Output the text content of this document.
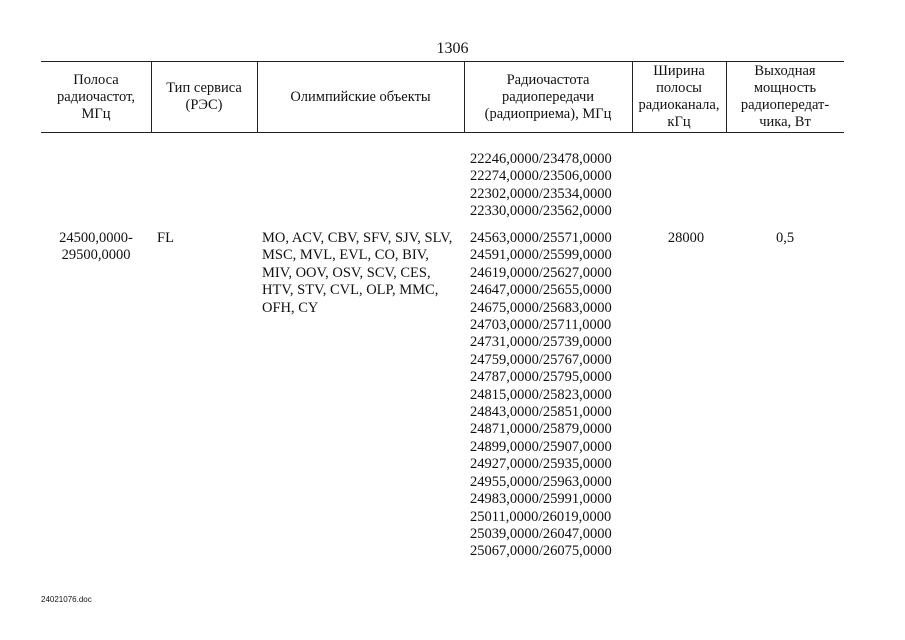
1306
Полоса
радиочастот,
МГц
Тип сервиса
(РЭС)
Олимпийские объекты
Радиочастота
радиопередачи
(радиоприема), МГц
Ширина
полосы
радиоканала,
кГц
Выходная
мощность
радиопередат-
чика, Вт
22246,0000/23478,0000
22274,0000/23506,0000
22302,0000/23534,0000
22330,0000/23562,0000
24500,0000-
29500,0000
FL	MO, ACV, CBV, SFV, SJV, SLV, MSC, MVL, EVL, CO, BIV, MIV, OOV, OSV, SCV, CES, HTV, STV, CVL, OLP, MMC, OFH, CY
24563,0000/25571,0000
24591,0000/25599,0000
24619,0000/25627,0000
24647,0000/25655,0000
24675,0000/25683,0000
24703,0000/25711,0000
24731,0000/25739,0000
24759,0000/25767,0000
24787,0000/25795,0000
24815,0000/25823,0000
24843,0000/25851,0000
24871,0000/25879,0000
24899,0000/25907,0000
24927,0000/25935,0000
24955,0000/25963,0000
24983,0000/25991,0000
25011,0000/26019,0000
25039,0000/26047,0000
25067,0000/26075,0000
28000	0,5
24021076.doc
